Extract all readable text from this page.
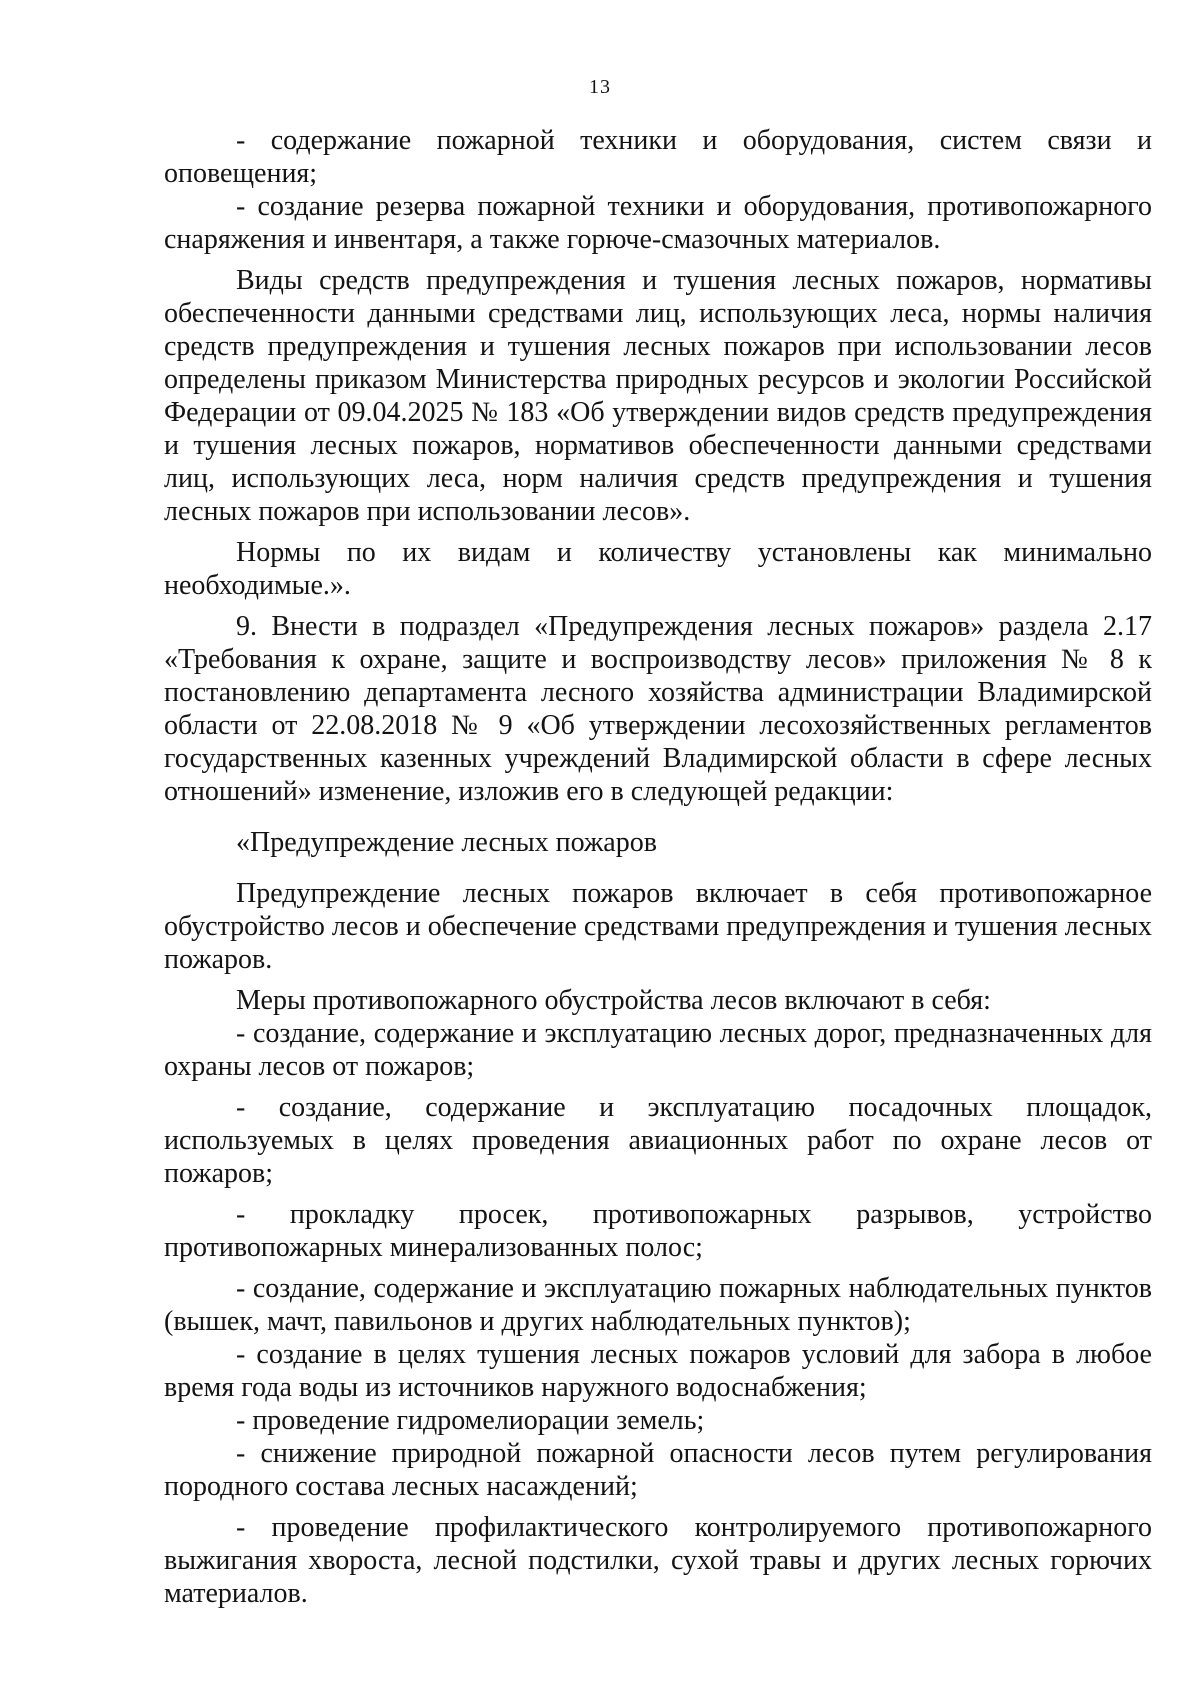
13

- содержание пожарной техники и оборудования, систем связи и оповещения;

- создание резерва пожарной техники и оборудования, противопожарного снаряжения и инвентаря, а также горюче-смазочных материалов.

Виды средств предупреждения и тушения лесных пожаров, нормативы обеспеченности данными средствами лиц, использующих леса, нормы наличия средств предупреждения и тушения лесных пожаров при использовании лесов определены приказом Министерства природных ресурсов и экологии Российской Федерации от 09.04.2025 № 183 «Об утверждении видов средств предупреждения и тушения лесных пожаров, нормативов обеспеченности данными средствами лиц, использующих леса, норм наличия средств предупреждения и тушения лесных пожаров при использовании лесов».

Нормы по их видам и количеству установлены как минимально необходимые.».

9. Внести в подраздел «Предупреждения лесных пожаров» раздела 2.17 «Требования к охране, защите и воспроизводству лесов» приложения № 8 к постановлению департамента лесного хозяйства администрации Владимирской области от 22.08.2018 № 9 «Об утверждении лесохозяйственных регламентов государственных казенных учреждений Владимирской области в сфере лесных отношений» изменение, изложив его в следующей редакции:

«Предупреждение лесных пожаров

Предупреждение лесных пожаров включает в себя противопожарное обустройство лесов и обеспечение средствами предупреждения и тушения лесных пожаров.

Меры противопожарного обустройства лесов включают в себя:

- создание, содержание и эксплуатацию лесных дорог, предназначенных для охраны лесов от пожаров;

- создание, содержание и эксплуатацию посадочных площадок, используемых в целях проведения авиационных работ по охране лесов от пожаров;

- прокладку просек, противопожарных разрывов, устройство противопожарных минерализованных полос;

- создание, содержание и эксплуатацию пожарных наблюдательных пунктов (вышек, мачт, павильонов и других наблюдательных пунктов);

- создание в целях тушения лесных пожаров условий для забора в любое время года воды из источников наружного водоснабжения;

- проведение гидромелиорации земель;

- снижение природной пожарной опасности лесов путем регулирования породного состава лесных насаждений;

- проведение профилактического контролируемого противопожарного выжигания хвороста, лесной подстилки, сухой травы и других лесных горючих материалов.
